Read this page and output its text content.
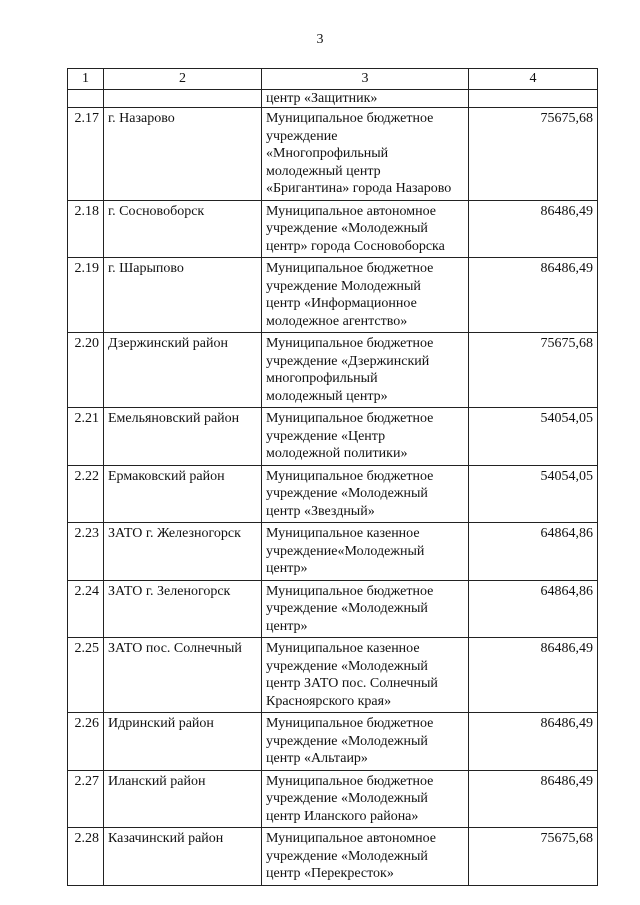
3
1	2	3	4
		центр «Защитник»	
2.17	г. Назарово	Муниципальное бюджетное
учреждение
«Многопрофильный
молодежный центр
«Бригантина» города Назарово	75675,68
2.18	г. Сосновоборск	Муниципальное автономное
учреждение «Молодежный
центр» города Сосновоборска	86486,49
2.19	г. Шарыпово	Муниципальное бюджетное
учреждение Молодежный
центр «Информационное
молодежное агентство»	86486,49
2.20	Дзержинский район	Муниципальное бюджетное
учреждение «Дзержинский
многопрофильный
молодежный центр»	75675,68
2.21	Емельяновский район	Муниципальное бюджетное
учреждение «Центр
молодежной политики»	54054,05
2.22	Ермаковский район	Муниципальное бюджетное
учреждение «Молодежный
центр «Звездный»	54054,05
2.23	ЗАТО г. Железногорск	Муниципальное казенное
учреждение«Молодежный
центр»	64864,86
2.24	ЗАТО г. Зеленогорск	Муниципальное бюджетное
учреждение «Молодежный
центр»	64864,86
2.25	ЗАТО пос. Солнечный	Муниципальное казенное
учреждение «Молодежный
центр ЗАТО пос. Солнечный
Красноярского края»	86486,49
2.26	Идринский район	Муниципальное бюджетное
учреждение «Молодежный
центр «Альтаир»	86486,49
2.27	Иланский район	Муниципальное бюджетное
учреждение «Молодежный
центр Иланского района»	86486,49
2.28	Казачинский район	Муниципальное автономное
учреждение «Молодежный
центр «Перекресток»	75675,68
